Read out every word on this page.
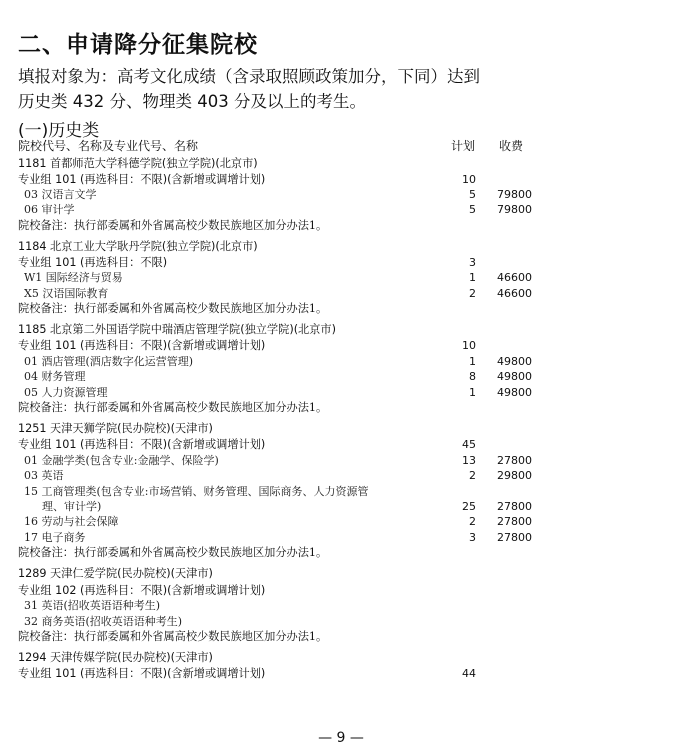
二、申请降分征集院校
填报对象为：高考文化成绩（含录取照顾政策加分，下同）达到
历史类 432 分、物理类 403 分及以上的考生。
(一)历史类
院校代号、名称及专业代号、名称	计划 收费
1181 首都师范大学科德学院(独立学院)(北京市)
专业组 101 (再选科目：不限)(含新增或调增计划)	10
03 汉语言文学	5 79800
06 审计学	5 79800
院校备注：执行部委属和外省属高校少数民族地区加分办法1。
1184 北京工业大学耿丹学院(独立学院)(北京市)
专业组 101 (再选科目：不限)	3
W1 国际经济与贸易	1 46600
X5 汉语国际教育	2 46600
院校备注：执行部委属和外省属高校少数民族地区加分办法1。
1185 北京第二外国语学院中瑞酒店管理学院(独立学院)(北京市)
专业组 101 (再选科目：不限)(含新增或调增计划)	10
01 酒店管理(酒店数字化运营管理)	1 49800
04 财务管理	8 49800
05 人力资源管理	1 49800
院校备注：执行部委属和外省属高校少数民族地区加分办法1。
1251 天津天狮学院(民办院校)(天津市)
专业组 101 (再选科目：不限)(含新增或调增计划)	45
01 金融学类(包含专业:金融学、保险学)	13 27800
03 英语	2 29800
15 工商管理类(包含专业:市场营销、财务管理、国际商务、人力资源管
理、审计学)	25 27800
16 劳动与社会保障	2 27800
17 电子商务	3 27800
院校备注：执行部委属和外省属高校少数民族地区加分办法1。
1289 天津仁爱学院(民办院校)(天津市)
专业组 102 (再选科目：不限)(含新增或调增计划)
31 英语(招收英语语种考生)
32 商务英语(招收英语语种考生)
院校备注：执行部委属和外省属高校少数民族地区加分办法1。
1294 天津传媒学院(民办院校)(天津市)
专业组 101 (再选科目：不限)(含新增或调增计划)	44
— 9 —
